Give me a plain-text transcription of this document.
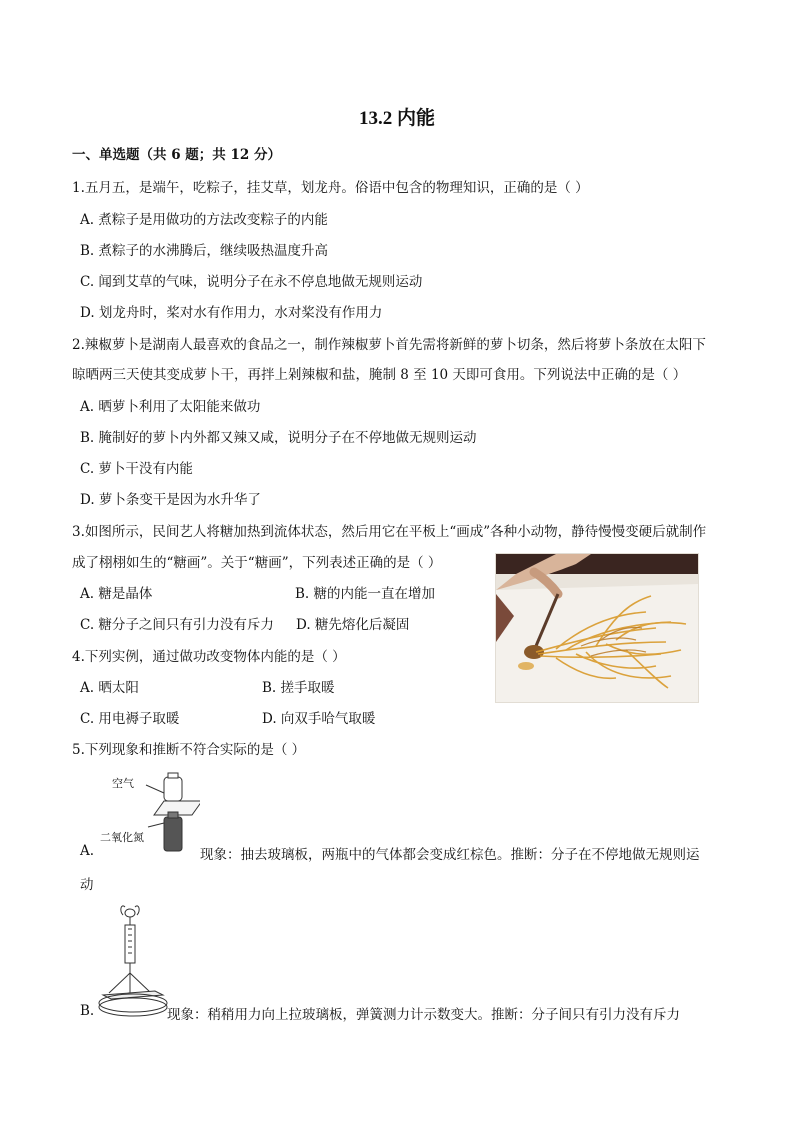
13.2 内能
一、单选题（共 6 题；共 12 分）
1.五月五，是端午，吃粽子，挂艾草，划龙舟。俗语中包含的物理知识，正确的是（ ）
A. 煮粽子是用做功的方法改变粽子的内能
B. 煮粽子的水沸腾后，继续吸热温度升高
C. 闻到艾草的气味，说明分子在永不停息地做无规则运动
D. 划龙舟时，桨对水有作用力，水对桨没有作用力
2.辣椒萝卜是湖南人最喜欢的食品之一，制作辣椒萝卜首先需将新鲜的萝卜切条，然后将萝卜条放在太阳下
晾晒两三天使其变成萝卜干，再拌上剁辣椒和盐，腌制 8 至 10 天即可食用。下列说法中正确的是（ ）
A. 晒萝卜利用了太阳能来做功
B. 腌制好的萝卜内外都又辣又咸，说明分子在不停地做无规则运动
C. 萝卜干没有内能
D. 萝卜条变干是因为水升华了
3.如图所示，民间艺人将糖加热到流体状态，然后用它在平板上“画成”各种小动物，静待慢慢变硬后就制作
成了栩栩如生的“糖画”。关于“糖画”，下列表述正确的是（ ）
A. 糖是晶体	B. 糖的内能一直在增加
C. 糖分子之间只有引力没有斥力 D. 糖先熔化后凝固
4.下列实例，通过做功改变物体内能的是（ ）
A. 晒太阳	B. 搓手取暖
C. 用电褥子取暖	D. 向双手哈气取暖
5.下列现象和推断不符合实际的是（ ）
空气
二氧化氮
A.	现象：抽去玻璃板，两瓶中的气体都会变成红棕色。推断：分子在不停地做无规则运
动
B.	现象：稍稍用力向上拉玻璃板，弹簧测力计示数变大。推断：分子间只有引力没有斥力
